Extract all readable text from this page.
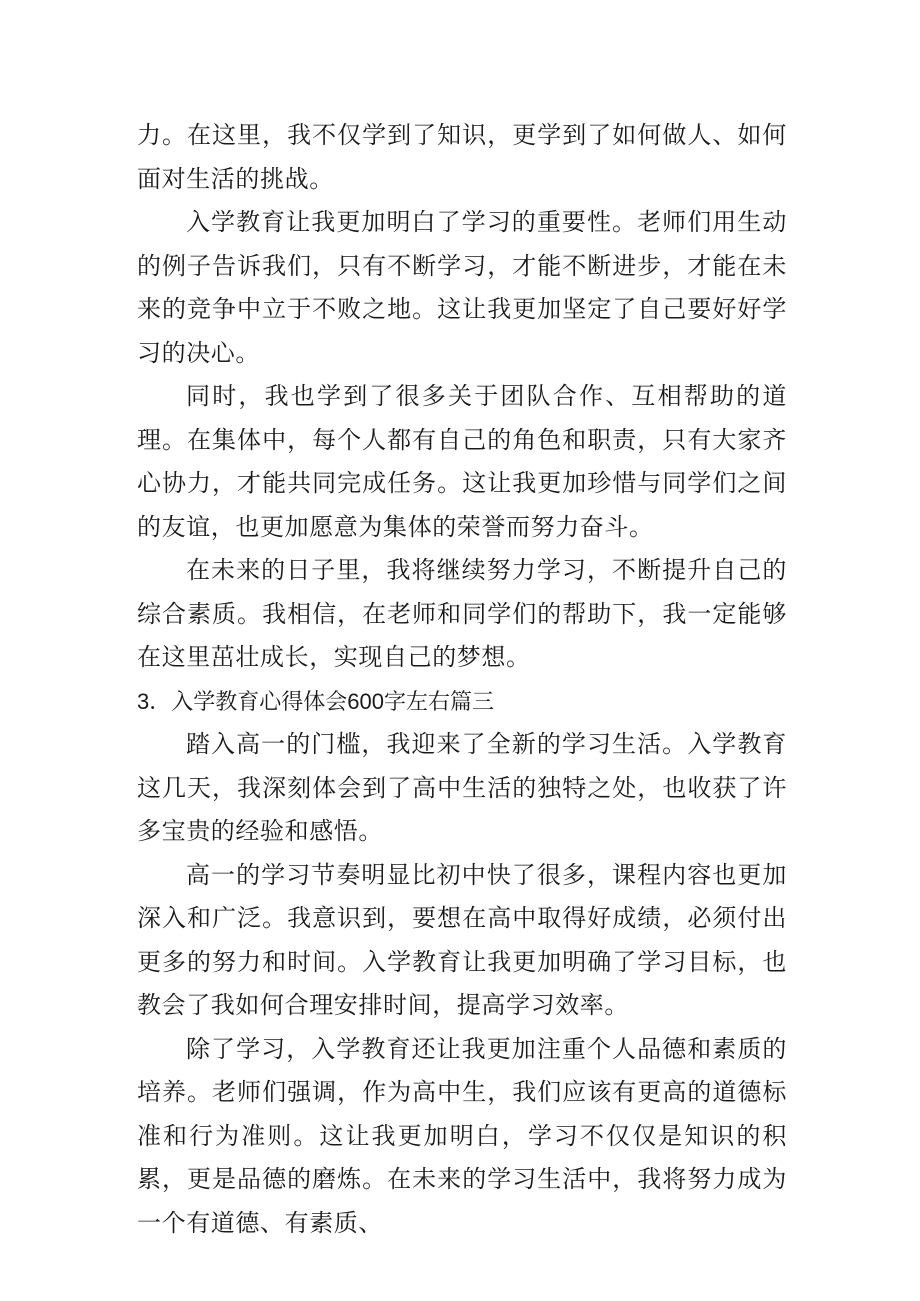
力。在这里，我不仅学到了知识，更学到了如何做人、如何面对生活的挑战。

入学教育让我更加明白了学习的重要性。老师们用生动的例子告诉我们，只有不断学习，才能不断进步，才能在未来的竞争中立于不败之地。这让我更加坚定了自己要好好学习的决心。

同时，我也学到了很多关于团队合作、互相帮助的道理。在集体中，每个人都有自己的角色和职责，只有大家齐心协力，才能共同完成任务。这让我更加珍惜与同学们之间的友谊，也更加愿意为集体的荣誉而努力奋斗。

在未来的日子里，我将继续努力学习，不断提升自己的综合素质。我相信，在老师和同学们的帮助下，我一定能够在这里茁壮成长，实现自己的梦想。

3．入学教育心得体会600字左右篇三

踏入高一的门槛，我迎来了全新的学习生活。入学教育这几天，我深刻体会到了高中生活的独特之处，也收获了许多宝贵的经验和感悟。

高一的学习节奏明显比初中快了很多，课程内容也更加深入和广泛。我意识到，要想在高中取得好成绩，必须付出更多的努力和时间。入学教育让我更加明确了学习目标，也教会了我如何合理安排时间，提高学习效率。

除了学习，入学教育还让我更加注重个人品德和素质的培养。老师们强调，作为高中生，我们应该有更高的道德标准和行为准则。这让我更加明白，学习不仅仅是知识的积累，更是品德的磨炼。在未来的学习生活中，我将努力成为一个有道德、有素质、
